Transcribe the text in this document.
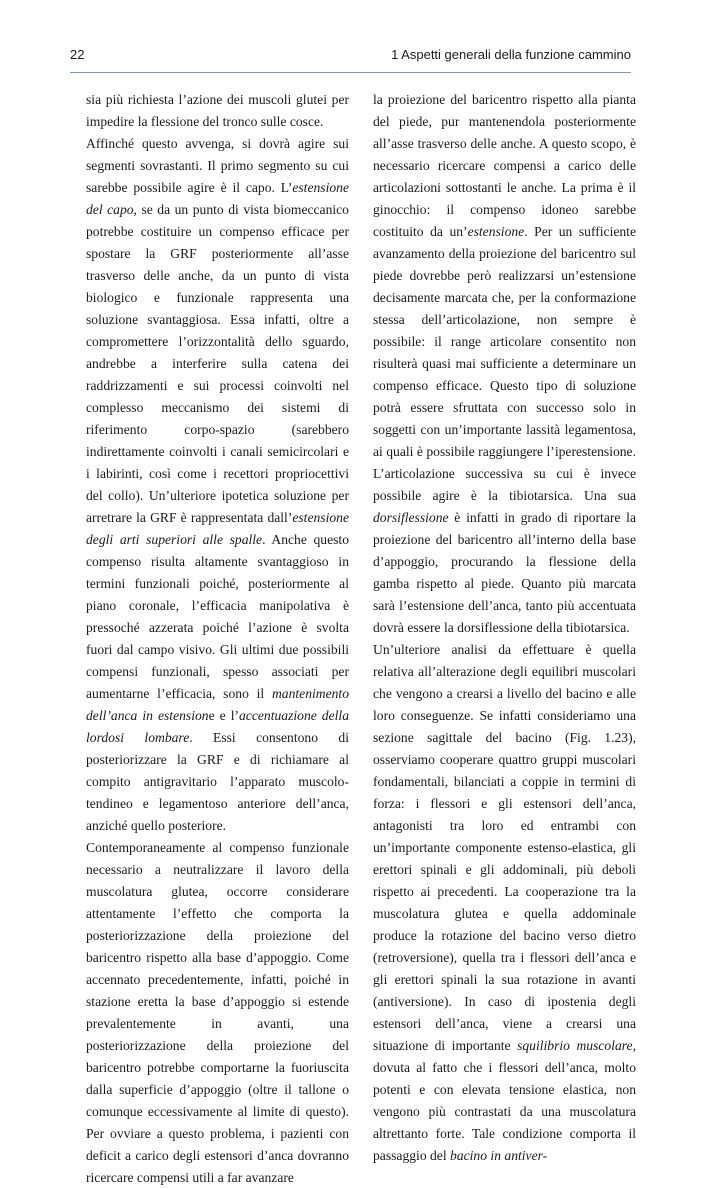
22	1 Aspetti generali della funzione cammino

sia più richiesta l’azione dei muscoli glutei per impedire la flessione del tronco sulle cosce.

Affinché questo avvenga, si dovrà agire sui segmenti sovrastanti. Il primo segmento su cui sarebbe possibile agire è il capo. L’estensione del capo, se da un punto di vista biomeccanico potrebbe costituire un compenso efficace per spostare la GRF posteriormente all’asse trasverso delle anche, da un punto di vista biologico e funzionale rappresenta una soluzione svantaggiosa. Essa infatti, oltre a compromettere l’orizzontalità dello sguardo, andrebbe a interferire sulla catena dei raddrizzamenti e sui processi coinvolti nel complesso meccanismo dei sistemi di riferimento corpo-spazio (sarebbero indirettamente coinvolti i canali semicircolari e i labirinti, così come i recettori propriocettivi del collo). Un’ulteriore ipotetica soluzione per arretrare la GRF è rappresentata dall’estensione degli arti superiori alle spalle. Anche questo compenso risulta altamente svantaggioso in termini funzionali poiché, posteriormente al piano coronale, l’efficacia manipolativa è pressoché azzerata poiché l’azione è svolta fuori dal campo visivo. Gli ultimi due possibili compensi funzionali, spesso associati per aumentarne l’efficacia, sono il mantenimento dell’anca in estensione e l’accentuazione della lordosi lombare. Essi consentono di posteriorizzare la GRF e di richiamare al compito antigravitario l’apparato muscolo-tendineo e legamentoso anteriore dell’anca, anziché quello posteriore.

Contemporaneamente al compenso funzionale necessario a neutralizzare il lavoro della muscolatura glutea, occorre considerare attentamente l’effetto che comporta la posteriorizzazione della proiezione del baricentro rispetto alla base d’appoggio. Come accennato precedentemente, infatti, poiché in stazione eretta la base d’appoggio si estende prevalentemente in avanti, una posteriorizzazione della proiezione del baricentro potrebbe comportarne la fuoriuscita dalla superficie d’appoggio (oltre il tallone o comunque eccessivamente al limite di questo). Per ovviare a questo problema, i pazienti con deficit a carico degli estensori d’anca dovranno ricercare compensi utili a far avanzare

la proiezione del baricentro rispetto alla pianta del piede, pur mantenendola posteriormente all’asse trasverso delle anche. A questo scopo, è necessario ricercare compensi a carico delle articolazioni sottostanti le anche. La prima è il ginocchio: il compenso idoneo sarebbe costituito da un’estensione. Per un sufficiente avanzamento della proiezione del baricentro sul piede dovrebbe però realizzarsi un’estensione decisamente marcata che, per la conformazione stessa dell’articolazione, non sempre è possibile: il range articolare consentito non risulterà quasi mai sufficiente a determinare un compenso efficace. Questo tipo di soluzione potrà essere sfruttata con successo solo in soggetti con un’importante lassità legamentosa, ai quali è possibile raggiungere l’iperestensione. L’articolazione successiva su cui è invece possibile agire è la tibiotarsica. Una sua dorsiflessione è infatti in grado di riportare la proiezione del baricentro all’interno della base d’appoggio, procurando la flessione della gamba rispetto al piede. Quanto più marcata sarà l’estensione dell’anca, tanto più accentuata dovrà essere la dorsiflessione della tibiotarsica.

Un’ulteriore analisi da effettuare è quella relativa all’alterazione degli equilibri muscolari che vengono a crearsi a livello del bacino e alle loro conseguenze. Se infatti consideriamo una sezione sagittale del bacino (Fig. 1.23), osserviamo cooperare quattro gruppi muscolari fondamentali, bilanciati a coppie in termini di forza: i flessori e gli estensori dell’anca, antagonisti tra loro ed entrambi con un’importante componente estenso-elastica, gli erettori spinali e gli addominali, più deboli rispetto ai precedenti. La cooperazione tra la muscolatura glutea e quella addominale produce la rotazione del bacino verso dietro (retroversione), quella tra i flessori dell’anca e gli erettori spinali la sua rotazione in avanti (antiversione). In caso di ipostenia degli estensori dell’anca, viene a crearsi una situazione di importante squilibrio muscolare, dovuta al fatto che i flessori dell’anca, molto potenti e con elevata tensione elastica, non vengono più contrastati da una muscolatura altrettanto forte. Tale condizione comporta il passaggio del bacino in antiver-
